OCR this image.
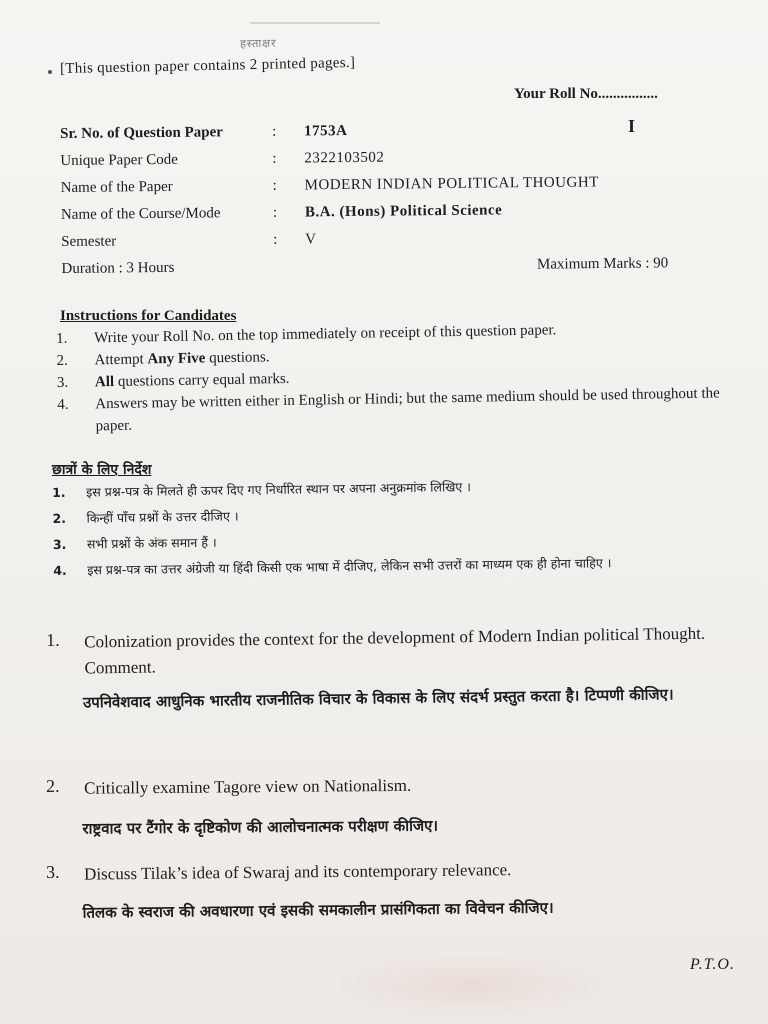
हस्ताक्षर
[This question paper contains 2 printed pages.]
Your Roll No................
I
Sr. No. of Question Paper	: 1753A
Unique Paper Code	: 2322103502
Name of the Paper	: MODERN INDIAN POLITICAL THOUGHT
Name of the Course/Mode	: B.A. (Hons) Political Science
Semester	: V
Duration : 3 Hours	Maximum Marks : 90
Instructions for Candidates
1. Write your Roll No. on the top immediately on receipt of this question paper.
2. Attempt Any Five questions.
3. All questions carry equal marks.
4. Answers may be written either in English or Hindi; but the same medium should be used throughout the paper.
छात्रों के लिए निर्देश
1. इस प्रश्न-पत्र के मिलते ही ऊपर दिए गए निर्धारित स्थान पर अपना अनुक्रमांक लिखिए ।
2. किन्हीं पाँच प्रश्नों के उत्तर दीजिए ।
3. सभी प्रश्नों के अंक समान हैं ।
4. इस प्रश्न-पत्र का उत्तर अंग्रेजी या हिंदी किसी एक भाषा में दीजिए, लेकिन सभी उत्तरों का माध्यम एक ही होना चाहिए ।
1. Colonization provides the context for the development of Modern Indian political Thought. Comment.
उपनिवेशवाद आधुनिक भारतीय राजनीतिक विचार के विकास के लिए संदर्भ प्रस्तुत करता है। टिप्पणी कीजिए।
2. Critically examine Tagore view on Nationalism.
राष्ट्रवाद पर टैंगोर के दृष्टिकोण की आलोचनात्मक परीक्षण कीजिए।
3. Discuss Tilak’s idea of Swaraj and its contemporary relevance.
तिलक के स्वराज की अवधारणा एवं इसकी समकालीन प्रासंगिकता का विवेचन कीजिए।
P.T.O.
